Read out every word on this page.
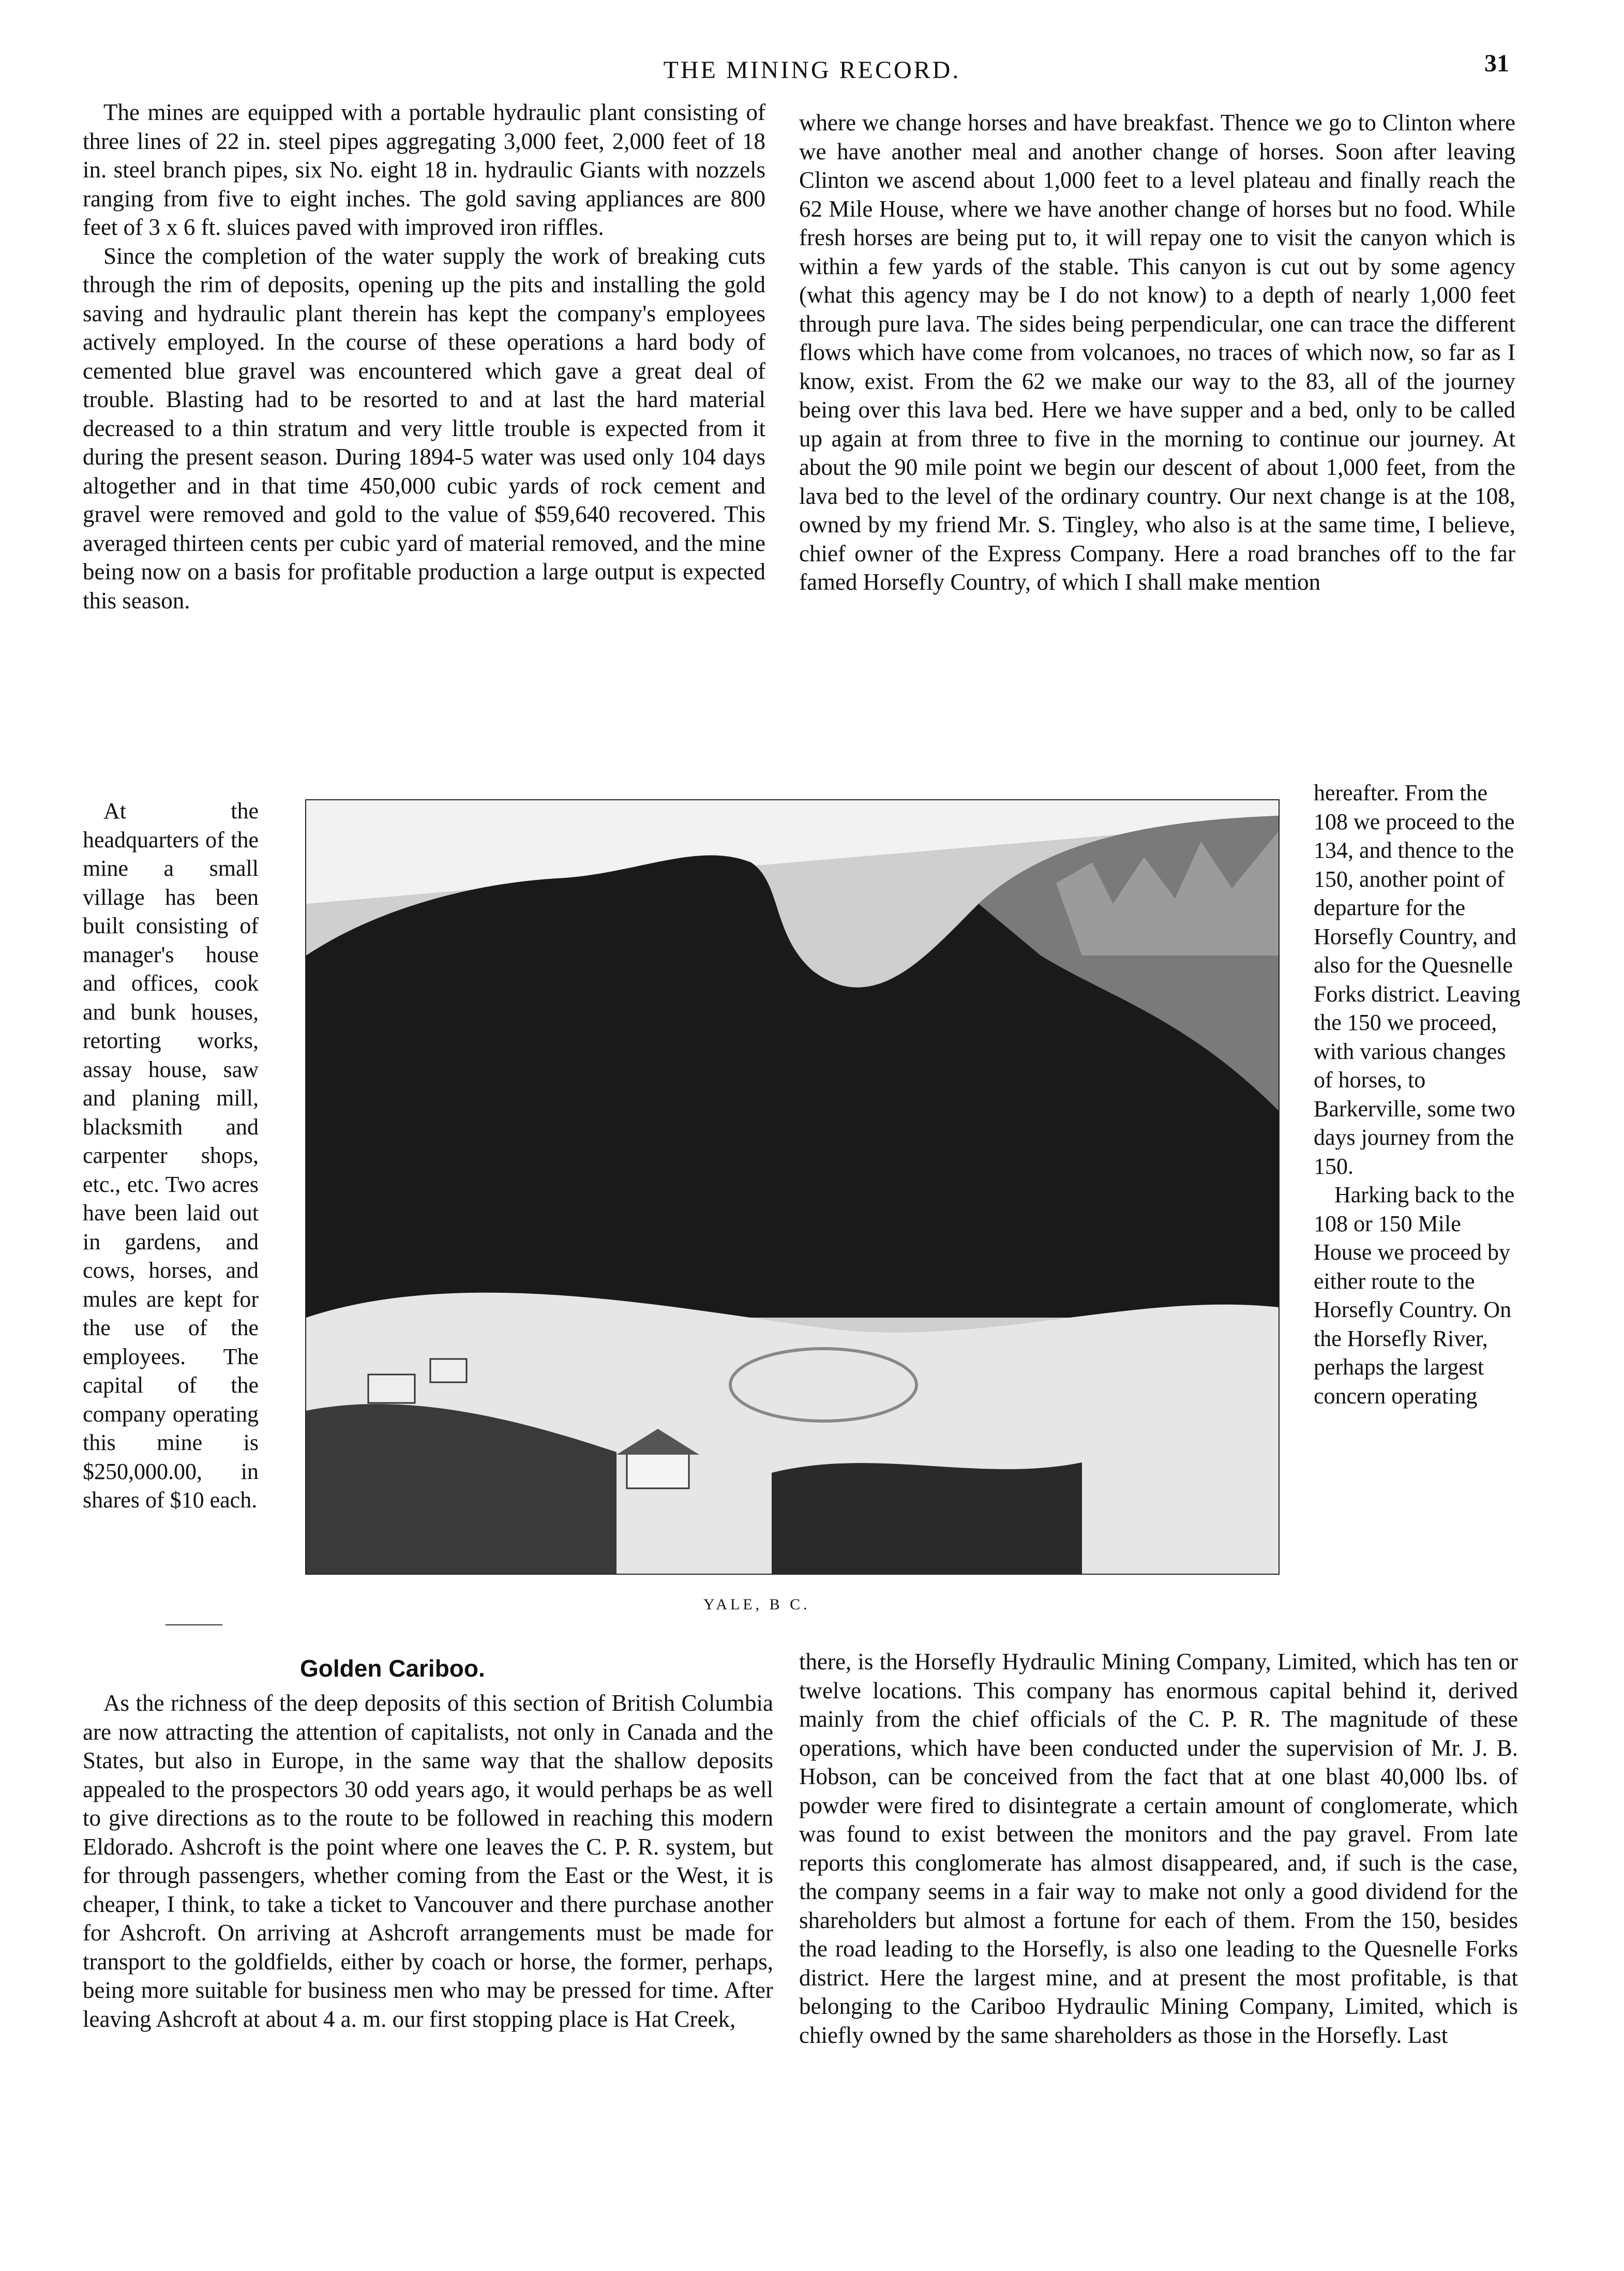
THE MINING RECORD.	31

The mines are equipped with a portable hydraulic plant consisting of three lines of 22 in. steel pipes aggregating 3,000 feet, 2,000 feet of 18 in. steel branch pipes, six No. eight 18 in. hydraulic Giants with nozzels ranging from five to eight inches. The gold saving appliances are 800 feet of 3 x 6 ft. sluices paved with improved iron riffles.

Since the completion of the water supply the work of breaking cuts through the rim of deposits, opening up the pits and installing the gold saving and hydraulic plant therein has kept the company's employees actively employed. In the course of these operations a hard body of cemented blue gravel was encountered which gave a great deal of trouble. Blasting had to be resorted to and at last the hard material decreased to a thin stratum and very little trouble is expected from it during the present season. During 1894-5 water was used only 104 days altogether and in that time 450,000 cubic yards of rock cement and gravel were removed and gold to the value of $59,640 recovered. This averaged thirteen cents per cubic yard of material removed, and the mine being now on a basis for profitable production a large output is expected this season.

At the headquarters of the mine a small village has been built consisting of manager's house and offices, cook and bunk houses, retorting works, assay house, saw and planing mill, blacksmith and carpenter shops, etc., etc. Two acres have been laid out in gardens, and cows, horses, and mules are kept for the use of the employees. The capital of the company operating this mine is $250,000.00, in shares of $10 each.

YALE, B C.
Golden Cariboo.

As the richness of the deep deposits of this section of British Columbia are now attracting the attention of capitalists, not only in Canada and the States, but also in Europe, in the same way that the shallow deposits appealed to the prospectors 30 odd years ago, it would perhaps be as well to give directions as to the route to be followed in reaching this modern Eldorado. Ashcroft is the point where one leaves the C. P. R. system, but for through passengers, whether coming from the East or the West, it is cheaper, I think, to take a ticket to Vancouver and there purchase another for Ashcroft. On arriving at Ashcroft arrangements must be made for transport to the goldfields, either by coach or horse, the former, perhaps, being more suitable for business men who may be pressed for time. After leaving Ashcroft at about 4 a. m. our first stopping place is Hat Creek,

where we change horses and have breakfast. Thence we go to Clinton where we have another meal and another change of horses. Soon after leaving Clinton we ascend about 1,000 feet to a level plateau and finally reach the 62 Mile House, where we have another change of horses but no food. While fresh horses are being put to, it will repay one to visit the canyon which is within a few yards of the stable. This canyon is cut out by some agency (what this agency may be I do not know) to a depth of nearly 1,000 feet through pure lava. The sides being perpendicular, one can trace the different flows which have come from volcanoes, no traces of which now, so far as I know, exist. From the 62 we make our way to the 83, all of the journey being over this lava bed. Here we have supper and a bed, only to be called up again at from three to five in the morning to continue our journey. At about the 90 mile point we begin our descent of about 1,000 feet, from the lava bed to the level of the ordinary country. Our next change is at the 108, owned by my friend Mr. S. Tingley, who also is at the same time, I believe, chief owner of the Express Company. Here a road branches off to the far famed Horsefly Country, of which I shall make mention

hereafter. From the 108 we proceed to the 134, and thence to the 150, another point of departure for the Horsefly Country, and also for the Quesnelle Forks district. Leaving the 150 we proceed, with various changes of horses, to Barkerville, some two days journey from the 150.

Harking back to the 108 or 150 Mile House we proceed by either route to the Horsefly Country. On the Horsefly River, perhaps the largest concern operating

there, is the Horsefly Hydraulic Mining Company, Limited, which has ten or twelve locations. This company has enormous capital behind it, derived mainly from the chief officials of the C. P. R. The magnitude of these operations, which have been conducted under the supervision of Mr. J. B. Hobson, can be conceived from the fact that at one blast 40,000 lbs. of powder were fired to disintegrate a certain amount of conglomerate, which was found to exist between the monitors and the pay gravel. From late reports this conglomerate has almost disappeared, and, if such is the case, the company seems in a fair way to make not only a good dividend for the shareholders but almost a fortune for each of them. From the 150, besides the road leading to the Horsefly, is also one leading to the Quesnelle Forks district. Here the largest mine, and at present the most profitable, is that belonging to the Cariboo Hydraulic Mining Company, Limited, which is chiefly owned by the same shareholders as those in the Horsefly. Last
